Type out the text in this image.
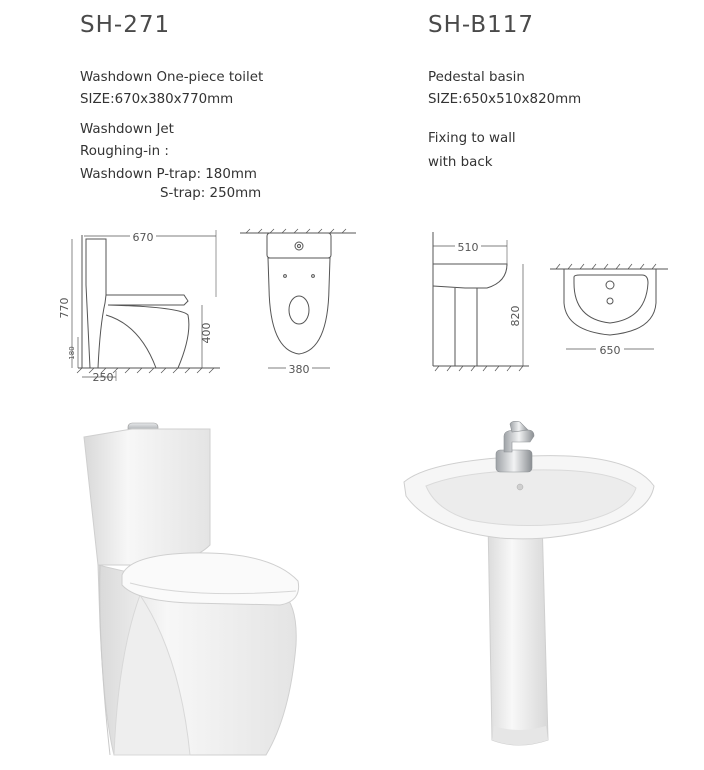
SH-271
Washdown One-piece toilet
SIZE:670x380x770mm
Washdown Jet
Roughing-in :
Washdown P-trap: 180mm
S-trap: 250mm
SH-B117
Pedestal basin
SIZE:650x510x820mm
Fixing to wall
with back
670
770
400
180
250
380
510
820
650
